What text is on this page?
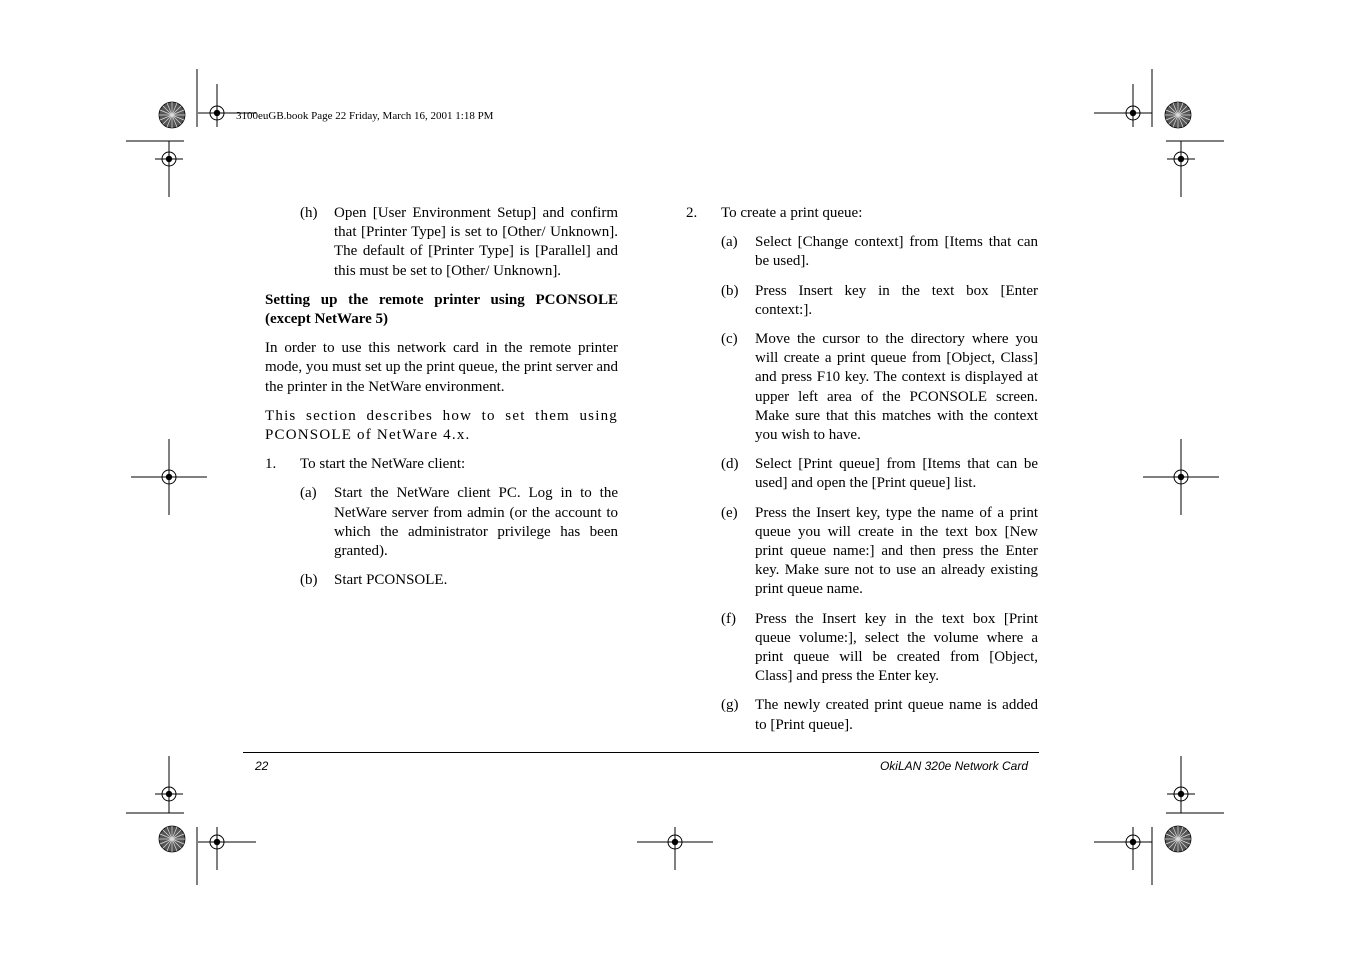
3100euGB.book Page 22 Friday, March 16, 2001 1:18 PM
(h) Open [User Environment Setup] and confirm that [Printer Type] is set to [Other/ Unknown]. The default of [Printer Type] is [Parallel] and this must be set to [Other/ Unknown].
Setting up the remote printer using PCONSOLE (except NetWare 5)
In order to use this network card in the remote printer mode, you must set up the print queue, the print server and the printer in the NetWare environment.
This section describes how to set them using PCONSOLE of NetWare 4.x.
1. To start the NetWare client:
(a) Start the NetWare client PC. Log in to the NetWare server from admin (or the account to which the administrator privilege has been granted).
(b) Start PCONSOLE.
2. To create a print queue:
(a) Select [Change context] from [Items that can be used].
(b) Press Insert key in the text box [Enter context:].
(c) Move the cursor to the directory where you will create a print queue from [Object, Class] and press F10 key. The context is displayed at upper left area of the PCONSOLE screen. Make sure that this matches with the context you wish to have.
(d) Select [Print queue] from [Items that can be used] and open the [Print queue] list.
(e) Press the Insert key, type the name of a print queue you will create in the text box [New print queue name:] and then press the Enter key. Make sure not to use an already existing print queue name.
(f) Press the Insert key in the text box [Print queue volume:], select the volume where a print queue will be created from [Object, Class] and press the Enter key.
(g) The newly created print queue name is added to [Print queue].
22	OkiLAN 320e Network Card
